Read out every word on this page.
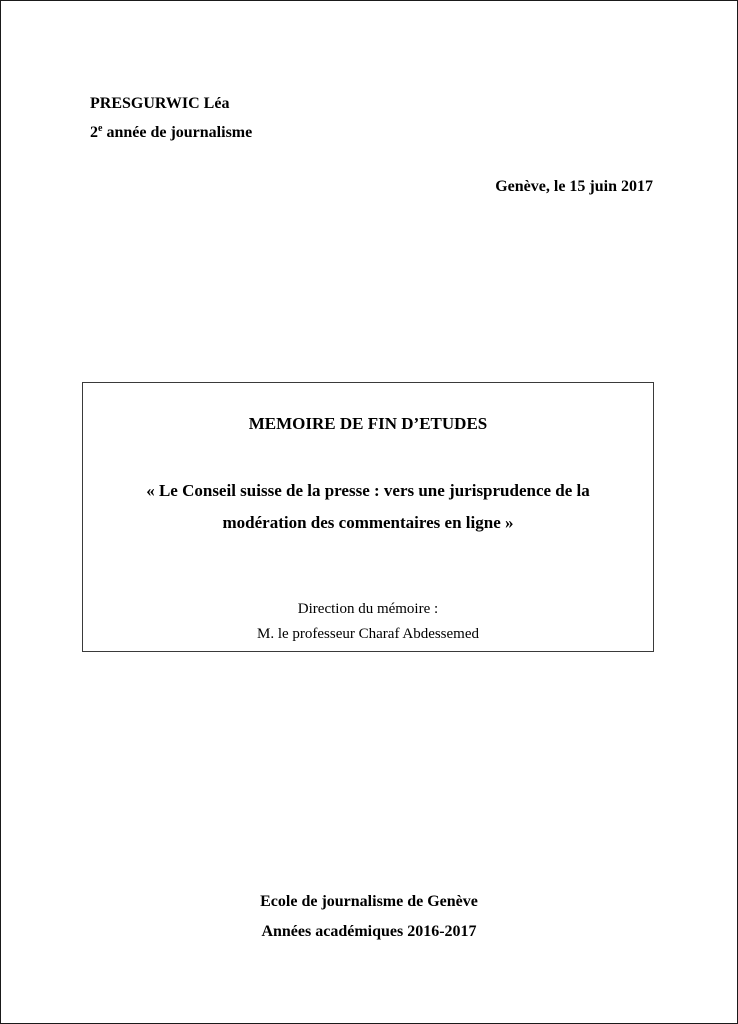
PRESGURWIC Léa
2e année de journalisme
Genève, le 15 juin 2017
MEMOIRE DE FIN D’ETUDES
« Le Conseil suisse de la presse : vers une jurisprudence de la
modération des commentaires en ligne »
Direction du mémoire :
M. le professeur Charaf Abdessemed
Ecole de journalisme de Genève
Années académiques 2016-2017
